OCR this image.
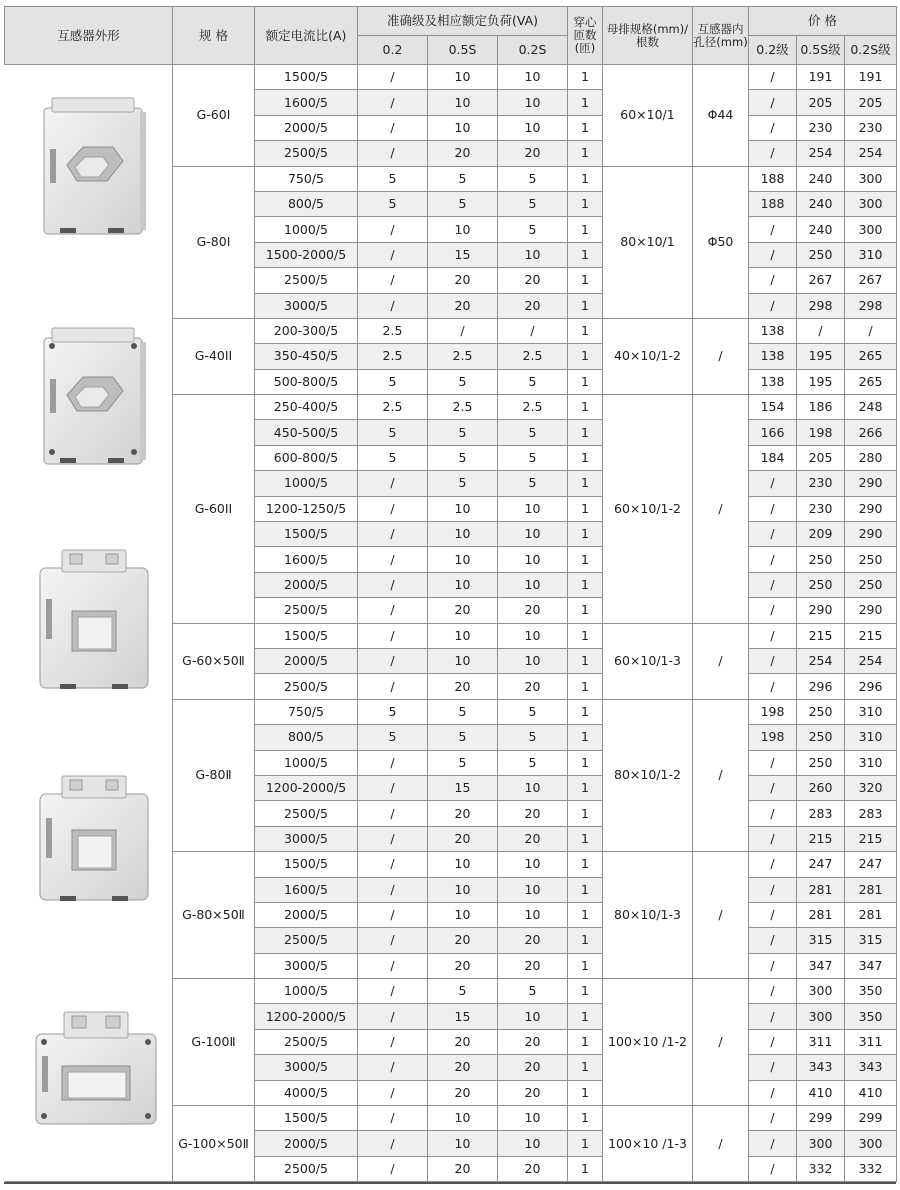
互感器外形	规 格	额定电流比(A)	准确级及相应额定负荷(VA)			穿心匝数(匝)	母排规格(mm)/根数	互感器内孔径(mm)	价 格		
			0.2	0.5S	0.2S				0.2级	0.5S级	0.2S级
	G-60I	1500/5	/	10	10	1	60×10/1	Φ44	/	191	191
		1600/5	/	10	10	1			/	205	205
		2000/5	/	10	10	1			/	230	230
		2500/5	/	20	20	1			/	254	254
	G-80I	750/5	5	5	5	1	80×10/1	Φ50	188	240	300
		800/5	5	5	5	1			188	240	300
		1000/5	/	10	5	1			/	240	300
		1500-2000/5	/	15	10	1			/	250	310
		2500/5	/	20	20	1			/	267	267
		3000/5	/	20	20	1			/	298	298
	G-40II	200-300/5	2.5	/	/	1	40×10/1-2	/	138	/	/
		350-450/5	2.5	2.5	2.5	1			138	195	265
		500-800/5	5	5	5	1			138	195	265
	G-60II	250-400/5	2.5	2.5	2.5	1	60×10/1-2	/	154	186	248
		450-500/5	5	5	5	1			166	198	266
		600-800/5	5	5	5	1			184	205	280
		1000/5	/	5	5	1			/	230	290
		1200-1250/5	/	10	10	1			/	230	290
		1500/5	/	10	10	1			/	209	290
		1600/5	/	10	10	1			/	250	250
		2000/5	/	10	10	1			/	250	250
		2500/5	/	20	20	1			/	290	290
	G-60×50Ⅱ	1500/5	/	10	10	1	60×10/1-3	/	/	215	215
		2000/5	/	10	10	1			/	254	254
		2500/5	/	20	20	1			/	296	296
	G-80Ⅱ	750/5	5	5	5	1	80×10/1-2	/	198	250	310
		800/5	5	5	5	1			198	250	310
		1000/5	/	5	5	1			/	250	310
		1200-2000/5	/	15	10	1			/	260	320
		2500/5	/	20	20	1			/	283	283
		3000/5	/	20	20	1			/	215	215
	G-80×50Ⅱ	1500/5	/	10	10	1	80×10/1-3	/	/	247	247
		1600/5	/	10	10	1			/	281	281
		2000/5	/	10	10	1			/	281	281
		2500/5	/	20	20	1			/	315	315
		3000/5	/	20	20	1			/	347	347
	G-100Ⅱ	1000/5	/	5	5	1	100×10 /1-2	/	/	300	350
		1200-2000/5	/	15	10	1			/	300	350
		2500/5	/	20	20	1			/	311	311
		3000/5	/	20	20	1			/	343	343
		4000/5	/	20	20	1			/	410	410
	G-100×50Ⅱ	1500/5	/	10	10	1	100×10 /1-3	/	/	299	299
		2000/5	/	10	10	1			/	300	300
		2500/5	/	20	20	1			/	332	332
